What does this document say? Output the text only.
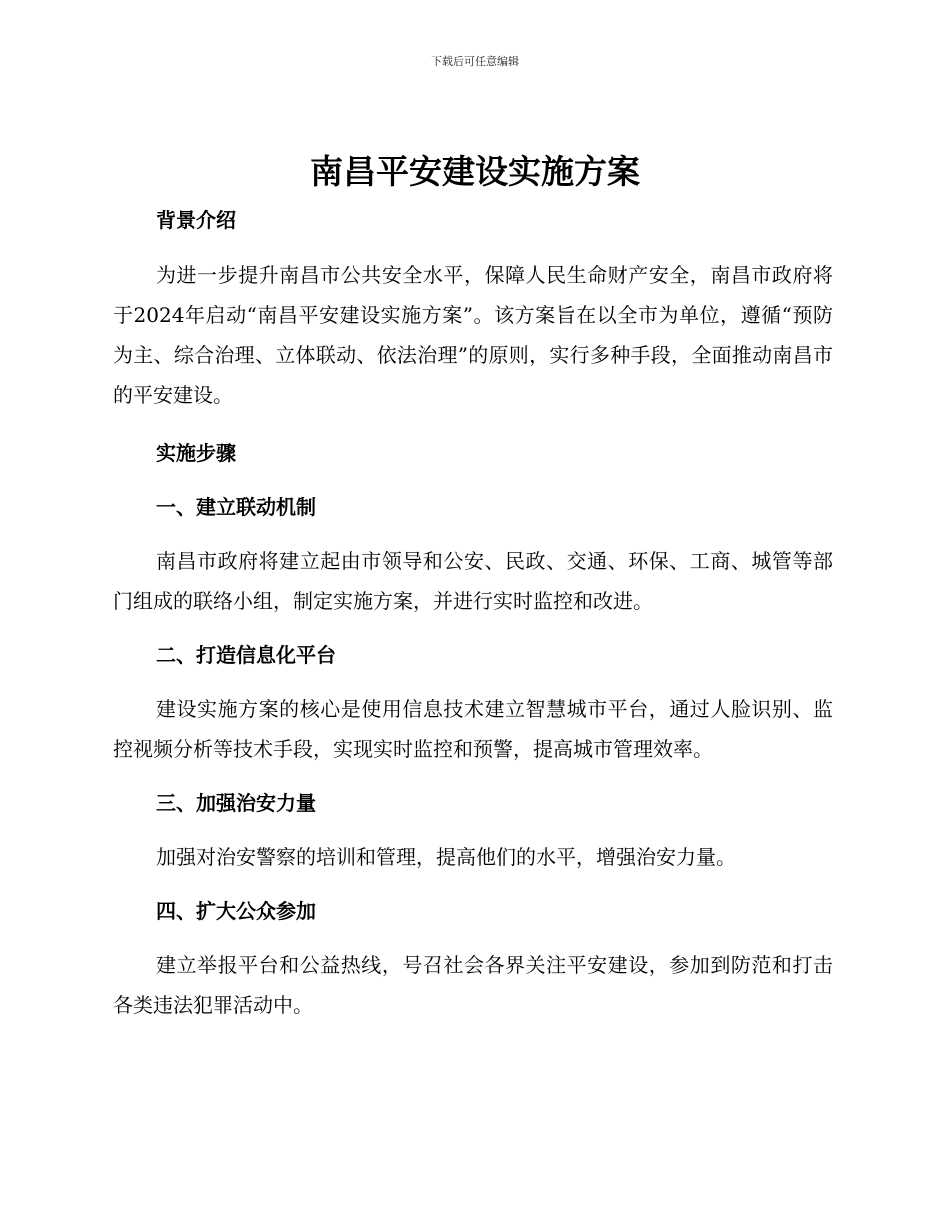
下载后可任意编辑
南昌平安建设实施方案
背景介绍

为进一步提升南昌市公共安全水平，保障人民生命财产安全，南昌市政府将于2024年启动“南昌平安建设实施方案”。该方案旨在以全市为单位，遵循“预防为主、综合治理、立体联动、依法治理”的原则，实行多种手段，全面推动南昌市的平安建设。

实施步骤
一、建立联动机制

南昌市政府将建立起由市领导和公安、民政、交通、环保、工商、城管等部门组成的联络小组，制定实施方案，并进行实时监控和改进。

二、打造信息化平台

建设实施方案的核心是使用信息技术建立智慧城市平台，通过人脸识别、监控视频分析等技术手段，实现实时监控和预警，提高城市管理效率。

三、加强治安力量

加强对治安警察的培训和管理，提高他们的水平，增强治安力量。

四、扩大公众参加

建立举报平台和公益热线，号召社会各界关注平安建设，参加到防范和打击各类违法犯罪活动中。
